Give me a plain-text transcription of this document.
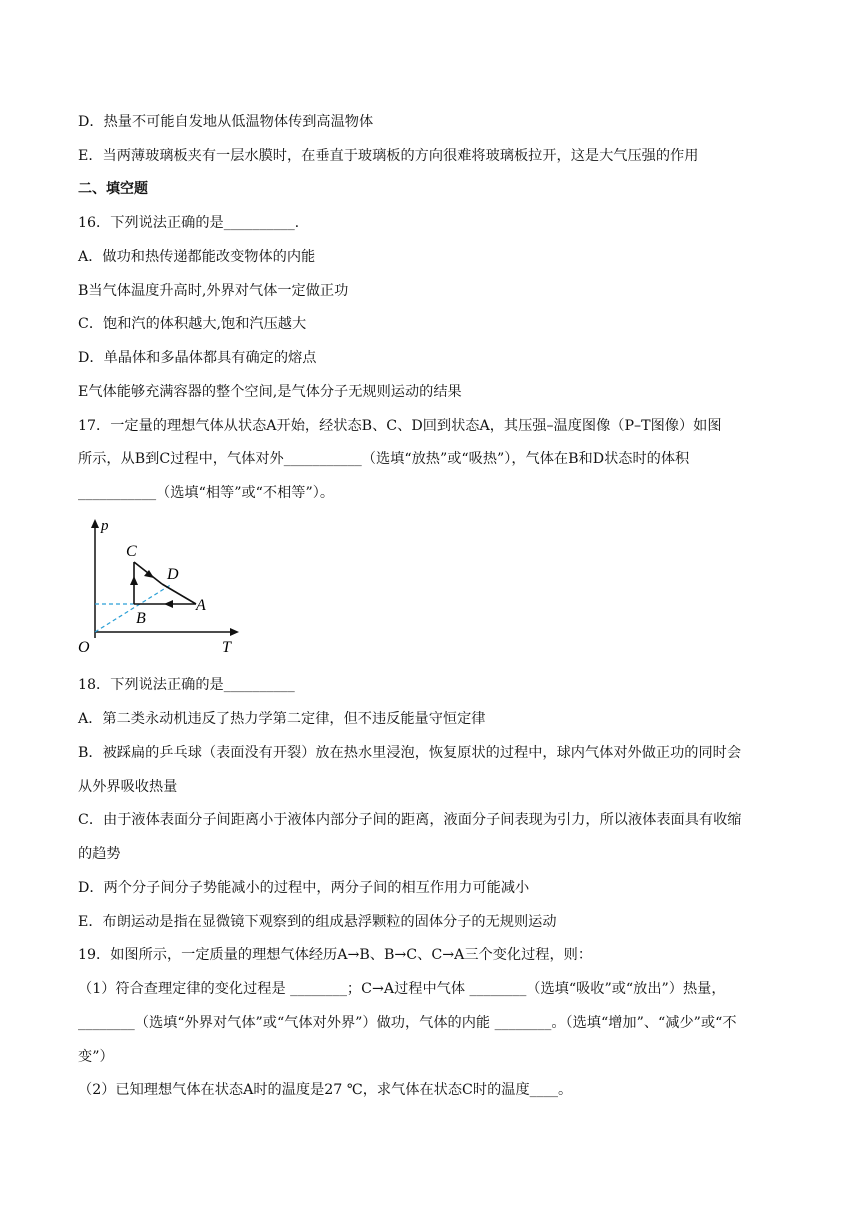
D．热量不可能自发地从低温物体传到高温物体
E．当两薄玻璃板夹有一层水膜时，在垂直于玻璃板的方向很难将玻璃板拉开，这是大气压强的作用
二、填空题
16．下列说法正确的是__________.
A．做功和热传递都能改变物体的内能
B当气体温度升高时,外界对气体一定做正功
C．饱和汽的体积越大,饱和汽压越大
D．单晶体和多晶体都具有确定的熔点
E气体能够充满容器的整个空间,是气体分子无规则运动的结果
17．一定量的理想气体从状态A开始，经状态B、C、D回到状态A，其压强–温度图像（P–T图像）如图
所示，从B到C过程中，气体对外___________（选填“放热”或“吸热”），气体在B和D状态时的体积
___________（选填“相等”或“不相等”）。
p
T
O
C
D
A
B
18．下列说法正确的是__________
A．第二类永动机违反了热力学第二定律，但不违反能量守恒定律
B．被踩扁的乒乓球（表面没有开裂）放在热水里浸泡，恢复原状的过程中，球内气体对外做正功的同时会
从外界吸收热量
C．由于液体表面分子间距离小于液体内部分子间的距离，液面分子间表现为引力，所以液体表面具有收缩
的趋势
D．两个分子间分子势能减小的过程中，两分子间的相互作用力可能减小
E．布朗运动是指在显微镜下观察到的组成悬浮颗粒的固体分子的无规则运动
19．如图所示，一定质量的理想气体经历A→B、B→C、C→A三个变化过程，则：
（1）符合查理定律的变化过程是 ________；C→A过程中气体 ________（选填“吸收”或“放出”）热量，
________（选填“外界对气体”或“气体对外界”）做功，气体的内能 ________。（选填“增加”、“减少”或“不
变”）
（2）已知理想气体在状态A时的温度是27 ℃，求气体在状态C时的温度____。
